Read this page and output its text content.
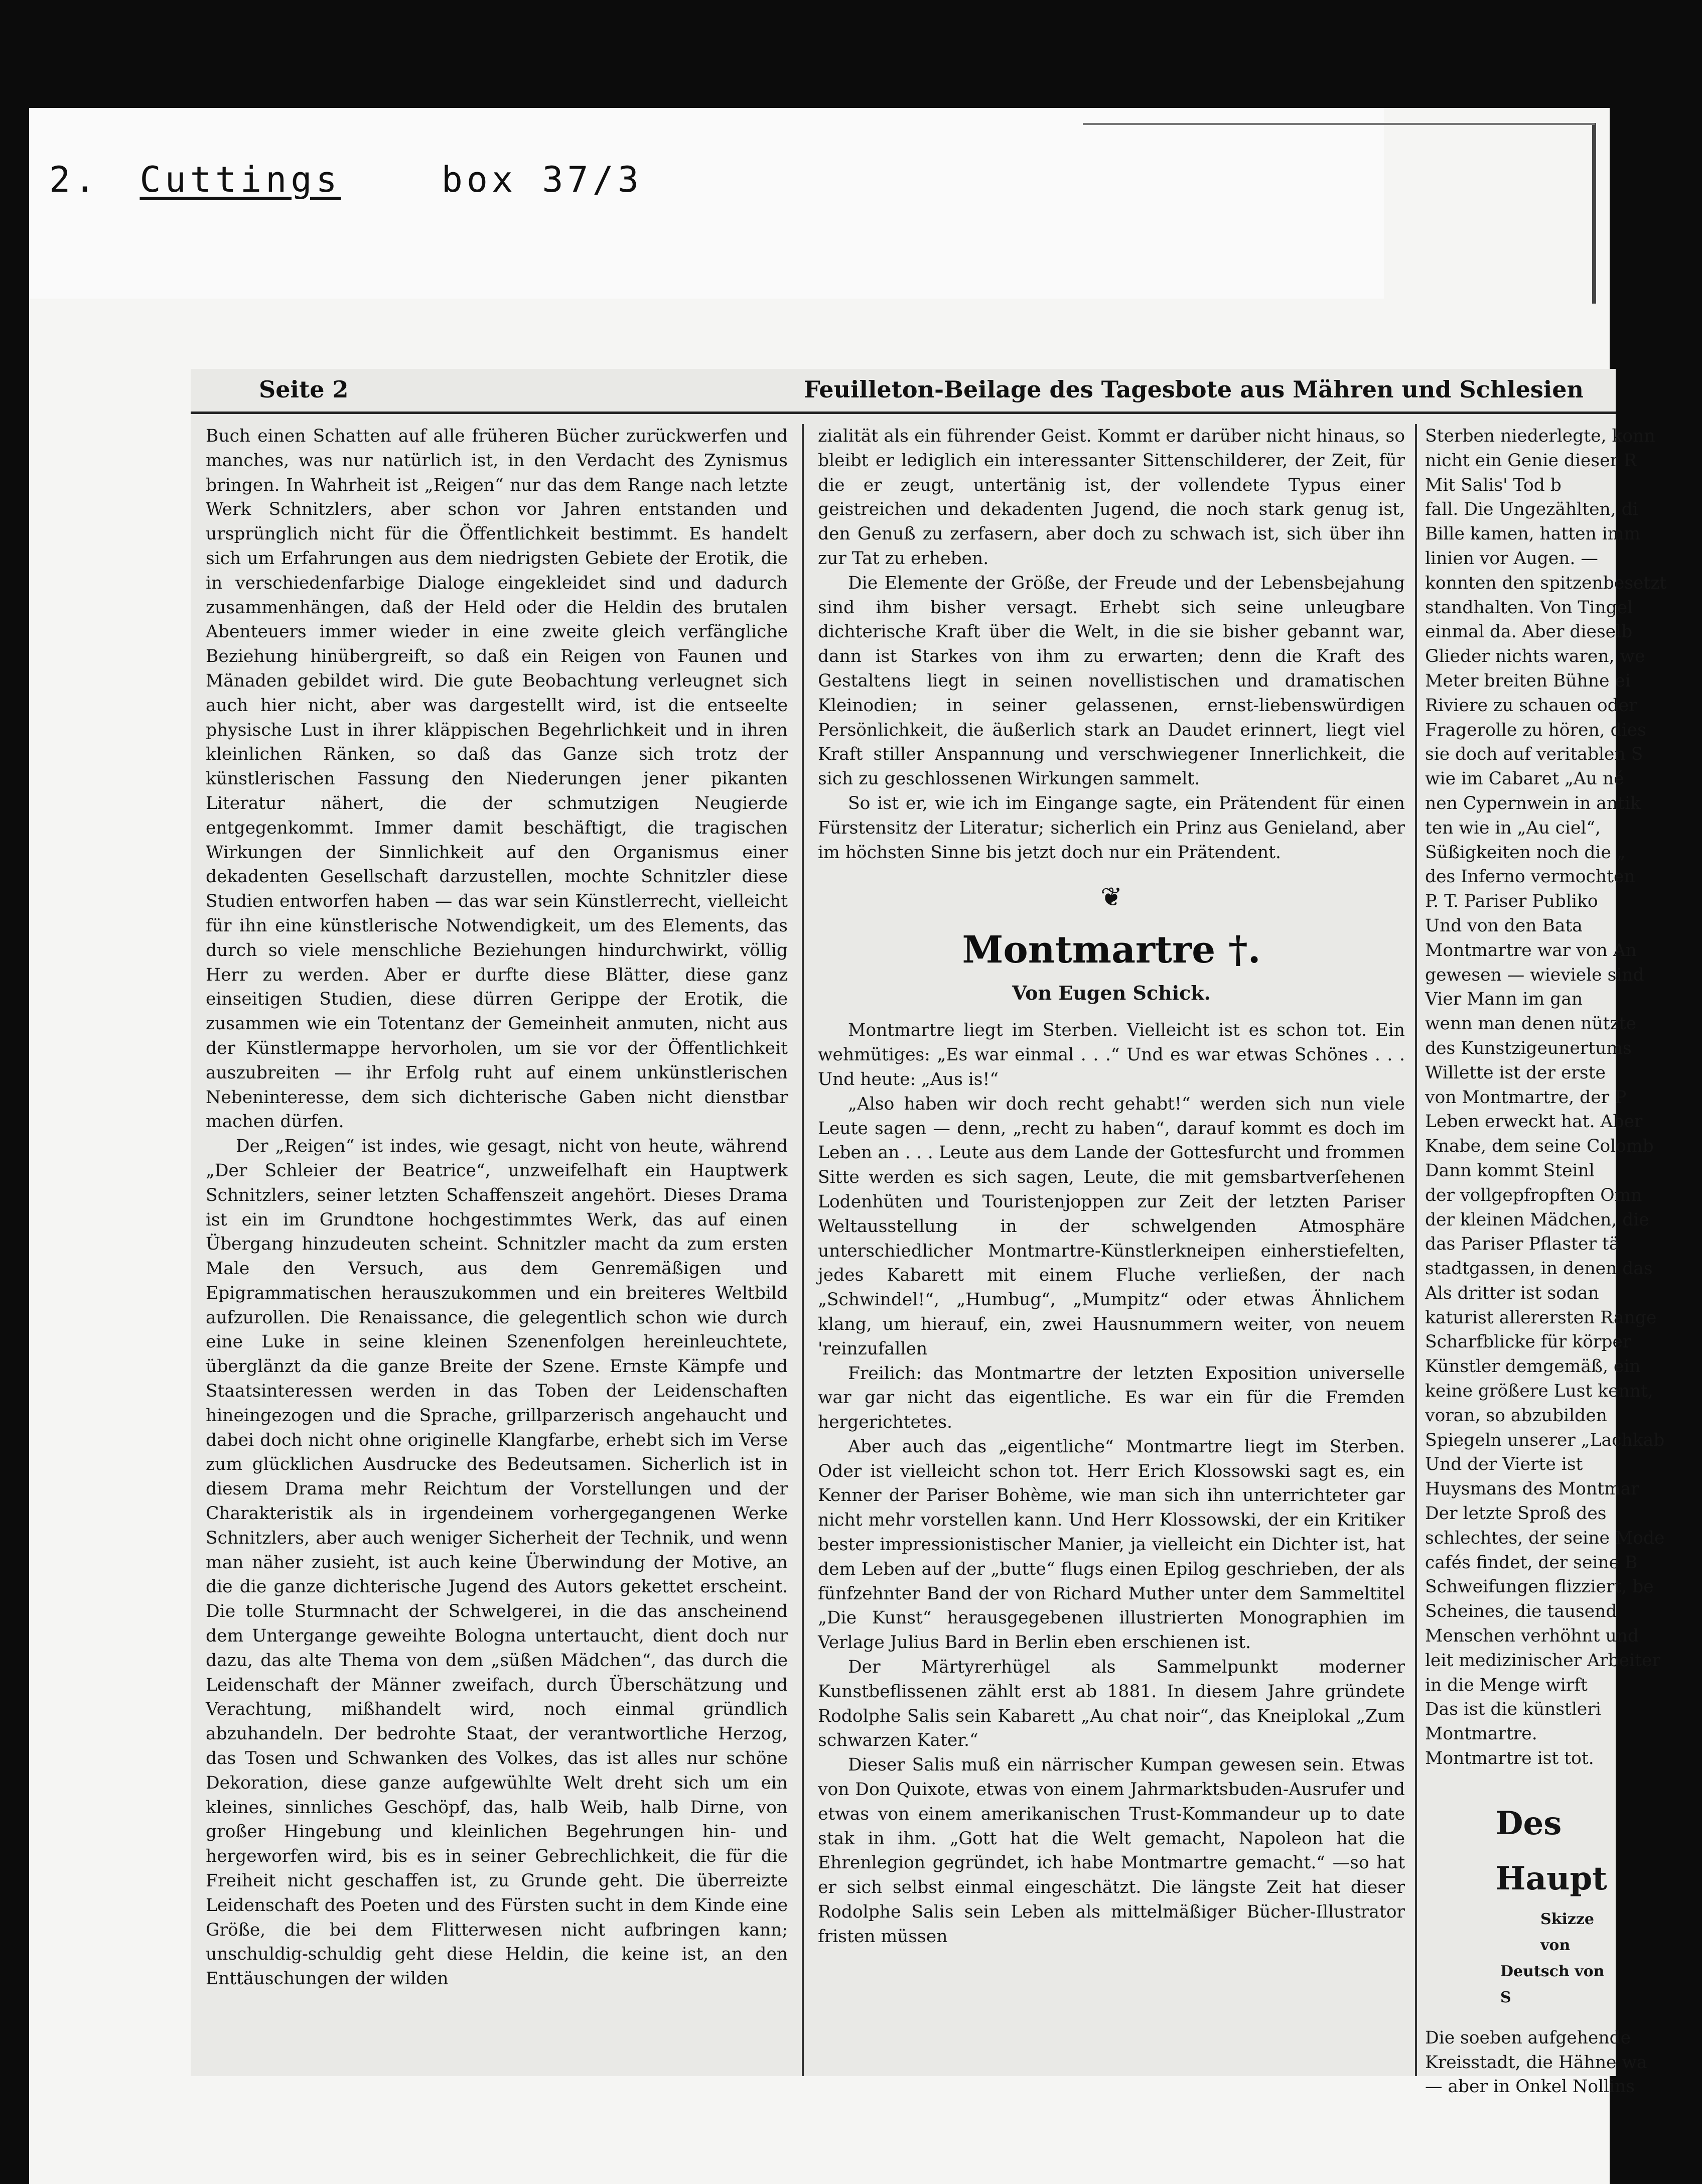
2. Cuttings	box 37/3
Seite 2	Feuilleton-Beilage des Tagesbote aus Mähren und Schlesien

Buch einen Schatten auf alle früheren Bücher zurückwerfen und manches, was nur natürlich ist, in den Verdacht des Zynismus bringen. In Wahrheit ist „Reigen“ nur das dem Range nach letzte Werk Schnitzlers, aber schon vor Jahren entstanden und ursprünglich nicht für die Öffentlichkeit bestimmt. Es handelt sich um Erfahrungen aus dem niedrigsten Gebiete der Erotik, die in verschiedenfarbige Dialoge eingekleidet sind und dadurch zusammenhängen, daß der Held oder die Heldin des brutalen Abenteuers immer wieder in eine zweite gleich verfängliche Beziehung hinübergreift, so daß ein Reigen von Faunen und Mänaden gebildet wird. Die gute Beobachtung verleugnet sich auch hier nicht, aber was dargestellt wird, ist die entseelte physische Lust in ihrer kläppischen Begehrlichkeit und in ihren kleinlichen Ränken, so daß das Ganze sich trotz der künstlerischen Fassung den Niederungen jener pikanten Literatur nähert, die der schmutzigen Neugierde entgegenkommt. Immer damit beschäftigt, die tragischen Wirkungen der Sinnlichkeit auf den Organismus einer dekadenten Gesellschaft darzustellen, mochte Schnitzler diese Studien entworfen haben — das war sein Künstlerrecht, vielleicht für ihn eine künstlerische Notwendigkeit, um des Elements, das durch so viele menschliche Beziehungen hindurchwirkt, völlig Herr zu werden. Aber er durfte diese Blätter, diese ganz einseitigen Studien, diese dürren Gerippe der Erotik, die zusammen wie ein Totentanz der Gemeinheit anmuten, nicht aus der Künstlermappe hervorholen, um sie vor der Öffentlichkeit auszubreiten — ihr Erfolg ruht auf einem unkünstlerischen Nebeninteresse, dem sich dichterische Gaben nicht dienstbar machen dürfen.

Der „Reigen“ ist indes, wie gesagt, nicht von heute, während „Der Schleier der Beatrice“, unzweifelhaft ein Hauptwerk Schnitzlers, seiner letzten Schaffenszeit angehört. Dieses Drama ist ein im Grundtone hochgestimmtes Werk, das auf einen Übergang hinzudeuten scheint. Schnitzler macht da zum ersten Male den Versuch, aus dem Genremäßigen und Epigrammatischen herauszukommen und ein breiteres Weltbild aufzurollen. Die Renaissance, die gelegentlich schon wie durch eine Luke in seine kleinen Szenenfolgen hereinleuchtete, überglänzt da die ganze Breite der Szene. Ernste Kämpfe und Staatsinteressen werden in das Toben der Leidenschaften hineingezogen und die Sprache, grillparzerisch angehaucht und dabei doch nicht ohne originelle Klangfarbe, erhebt sich im Verse zum glücklichen Ausdrucke des Bedeutsamen. Sicherlich ist in diesem Drama mehr Reichtum der Vorstellungen und der Charakteristik als in irgendeinem vorhergegangenen Werke Schnitzlers, aber auch weniger Sicherheit der Technik, und wenn man näher zusieht, ist auch keine Überwindung der Motive, an die die ganze dichterische Jugend des Autors gekettet erscheint. Die tolle Sturmnacht der Schwelgerei, in die das anscheinend dem Untergange geweihte Bologna untertaucht, dient doch nur dazu, das alte Thema von dem „süßen Mädchen“, das durch die Leidenschaft der Männer zweifach, durch Überschätzung und Verachtung, mißhandelt wird, noch einmal gründlich abzuhandeln. Der bedrohte Staat, der verantwortliche Herzog, das Tosen und Schwanken des Volkes, das ist alles nur schöne Dekoration, diese ganze aufgewühlte Welt dreht sich um ein kleines, sinnliches Geschöpf, das, halb Weib, halb Dirne, von großer Hingebung und kleinlichen Begehrungen hin- und hergeworfen wird, bis es in seiner Gebrechlichkeit, die für die Freiheit nicht geschaffen ist, zu Grunde geht. Die überreizte Leidenschaft des Poeten und des Fürsten sucht in dem Kinde eine Größe, die bei dem Flitterwesen nicht aufbringen kann; unschuldig-schuldig geht diese Heldin, die keine ist, an den Enttäuschungen der wilden

zialität als ein führender Geist. Kommt er darüber nicht hinaus, so bleibt er lediglich ein interessanter Sittenschilderer, der Zeit, für die er zeugt, untertänig ist, der vollendete Typus einer geistreichen und dekadenten Jugend, die noch stark genug ist, den Genuß zu zerfasern, aber doch zu schwach ist, sich über ihn zur Tat zu erheben.

Die Elemente der Größe, der Freude und der Lebensbejahung sind ihm bisher versagt. Erhebt sich seine unleugbare dichterische Kraft über die Welt, in die sie bisher gebannt war, dann ist Starkes von ihm zu erwarten; denn die Kraft des Gestaltens liegt in seinen novellistischen und dramatischen Kleinodien; in seiner gelassenen, ernst-liebenswürdigen Persönlichkeit, die äußerlich stark an Daudet erinnert, liegt viel Kraft stiller Anspannung und verschwiegener Innerlichkeit, die sich zu geschlossenen Wirkungen sammelt.

So ist er, wie ich im Eingange sagte, ein Prätendent für einen Fürstensitz der Literatur; sicherlich ein Prinz aus Genieland, aber im höchsten Sinne bis jetzt doch nur ein Prätendent.

❦
Montmartre †.
Von Eugen Schick.

Montmartre liegt im Sterben. Vielleicht ist es schon tot. Ein wehmütiges: „Es war einmal . . .“ Und es war etwas Schönes . . . Und heute: „Aus is!“

„Also haben wir doch recht gehabt!“ werden sich nun viele Leute sagen — denn, „recht zu haben“, darauf kommt es doch im Leben an . . . Leute aus dem Lande der Gottesfurcht und frommen Sitte werden es sich sagen, Leute, die mit gemsbartverſehenen Lodenhüten und Touristenjoppen zur Zeit der letzten Pariser Weltausstellung in der schwelgenden Atmosphäre unterschiedlicher Montmartre-Künstlerkneipen einherstiefelten, jedes Kabarett mit einem Fluche verließen, der nach „Schwindel!“, „Humbug“, „Mumpitz“ oder etwas Ähnlichem klang, um hierauf, ein, zwei Hausnummern weiter, von neuem 'reinzufallen

Freilich: das Montmartre der letzten Exposition universelle war gar nicht das eigentliche. Es war ein für die Fremden hergerichtetes.

Aber auch das „eigentliche“ Montmartre liegt im Sterben. Oder ist vielleicht schon tot. Herr Erich Klossowski sagt es, ein Kenner der Pariser Bohème, wie man sich ihn unterrichteter gar nicht mehr vorstellen kann. Und Herr Klossowski, der ein Kritiker bester impressionistischer Manier, ja vielleicht ein Dichter ist, hat dem Leben auf der „butte“ flugs einen Epilog geschrieben, der als fünfzehnter Band der von Richard Muther unter dem Sammeltitel „Die Kunst“ herausgegebenen illustrierten Monographien im Verlage Julius Bard in Berlin eben erschienen ist.

Der Märtyrerhügel als Sammelpunkt moderner Kunstbeflissenen zählt erst ab 1881. In diesem Jahre gründete Rodolphe Salis sein Kabarett „Au chat noir“, das Kneiplokal „Zum schwarzen Kater.“

Dieser Salis muß ein närrischer Kumpan gewesen sein. Etwas von Don Quixote, etwas von einem Jahrmarktsbuden-Ausrufer und etwas von einem amerikanischen Trust-Kommandeur up to date stak in ihm. „Gott hat die Welt gemacht, Napoleon hat die Ehrenlegion gegründet, ich habe Montmartre gemacht.“ —so hat er sich selbst einmal eingeschätzt. Die längste Zeit hat dieser Rodolphe Salis sein Leben als mittelmäßiger Bücher-Illustrator fristen müssen

Sterben niederlegte, konn

nicht ein Genie dieser R

Mit Salis' Tod b

fall. Die Ungezählten, di

Bille kamen, hatten imm

linien vor Augen. —

konnten den spitzenbesetzt

standhalten. Von Tingel

einmal da. Aber dieselb

Glieder nichts waren, we

Meter breiten Bühne ei

Riviere zu schauen oder

Fragerolle zu hören, dies

sie doch auf veritablen S

wie im Cabaret „Au né

nen Cypernwein in antik

ten wie in „Au ciel“,

Süßigkeiten noch die „

des Inferno vermochten

P. T. Pariser Publiko

Und von den Bata

Montmartre war von An

gewesen — wieviele sind

Vier Mann im gan

wenn man denen nützte

des Kunstzigeunertums

Willette ist der erste

von Montmartre, der P

Leben erweckt hat. Aber

Knabe, dem seine Colomb

Dann kommt Steinl

der vollgepfropften Omn

der kleinen Mädchen, die

das Pariser Pflaster tä

stadtgassen, in denen das

Als dritter ist sodan

katurist allerersten Range

Scharfblicke für körper

Künstler demgemäß, ein

keine größere Lust kennt,

voran, so abzubilden

Spiegeln unserer „Lachkab

Und der Vierte ist

Huysmans des Montmar

Der letzte Sproß des

schlechtes, der seine Mode

cafés findet, der seine B

Schweifungen flizziert, be

Scheines, die tausend

Menschen verhöhnt und

leit medizinischer Arbeiter

in die Menge wirft

Das ist die künstleri

Montmartre.

Montmartre ist tot.

Des Haupt
Skizze von
Deutsch von S

Die soeben aufgehende

Kreisstadt, die Hähne wa

— aber in Onkel Nollins
